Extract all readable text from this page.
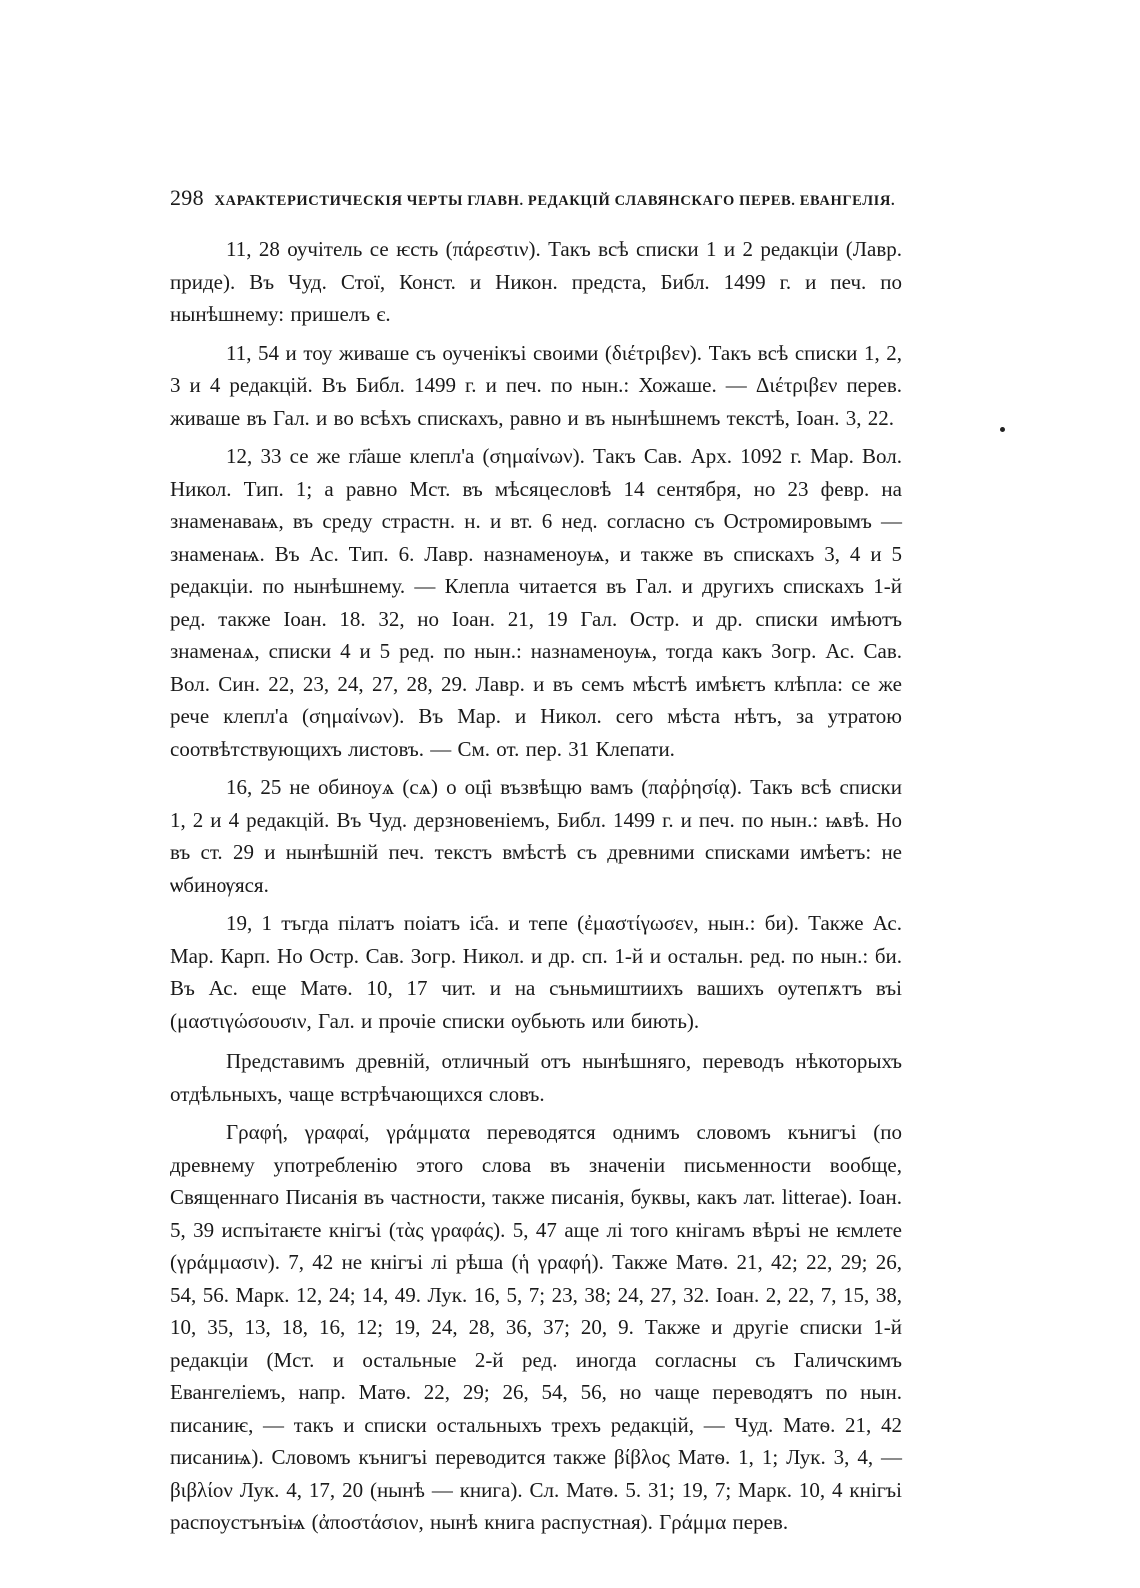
298 ХАРАКТЕРИСТИЧЕСКІЯ ЧЕРТЫ ГЛАВН. РЕДАКЦІЙ СЛАВЯНСКАГО ПЕРЕВ. ЕВАНГЕЛІЯ.

11, 28 оучітель се ѥсть (πάρεστιν). Такъ всѣ списки 1 и 2 редакціи (Лавр. приде). Въ Чуд. Стої, Конст. и Никон. предста, Библ. 1499 г. и печ. по нынѣшнему: пришелъ є.

11, 54 и тоу живаше съ оученікъі своими (διέτριβεν). Такъ всѣ списки 1, 2, 3 и 4 редакцій. Въ Библ. 1499 г. и печ. по нын.: Хожаше. — Διέτριβεν перев. живаше въ Гал. и во всѣхъ спискахъ, равно и въ нынѣшнемъ текстѣ, Іоан. 3, 22.

12, 33 се же гл҃аше клепл'а (σημαίνων). Такъ Сав. Арх. 1092 г. Мар. Вол. Никол. Тип. 1; а равно Мст. въ мѣсяцесловѣ 14 сентября, но 23 февр. на знаменаваѩ, въ среду страстн. н. и вт. 6 нед. согласно съ Остромировымъ — знаменаѩ. Въ Ас. Тип. 6. Лавр. назнаменоуѩ, и также въ спискахъ 3, 4 и 5 редакціи. по нынѣшнему. — Клепла читается въ Гал. и другихъ спискахъ 1-й ред. также Іоан. 18. 32, но Іоан. 21, 19 Гал. Остр. и др. списки имѣютъ знаменаѧ, списки 4 и 5 ред. по нын.: назнаменоуѩ, тогда какъ Зогр. Ас. Сав. Вол. Син. 22, 23, 24, 27, 28, 29. Лавр. и въ семъ мѣстѣ имѣѥтъ клѣпла: се же рече клепл'а (σημαίνων). Въ Мар. и Никол. сего мѣста нѣтъ, за утратою соотвѣтствующихъ листовъ. — См. от. пер. 31 Клепати.

16, 25 не обиноуѧ (сѧ) о оц҃і възвѣщю вамъ (παῤῥησίᾳ). Такъ всѣ списки 1, 2 и 4 редакцій. Въ Чуд. дерзновеніемъ, Библ. 1499 г. и печ. по нын.: ѩвѣ. Но въ ст. 29 и нынѣшній печ. текстъ вмѣстѣ съ древними списками имѣетъ: не ѡбинѹяся.

19, 1 тъгда пілатъ поіатъ іс҃а. и тепе (ἐμαστίγωσεν, нын.: би). Также Ас. Мар. Карп. Но Остр. Сав. Зогр. Никол. и др. сп. 1-й и остальн. ред. по нын.: би. Въ Ас. еще Матѳ. 10, 17 чит. и на съньмиштиихъ вашихъ оутепѫтъ въі (μαστιγώσουσιν, Гал. и прочіе списки оубьють или биють).

Представимъ древній, отличный отъ нынѣшняго, переводъ нѣкоторыхъ отдѣльныхъ, чаще встрѣчающихся словъ.

Γραφή, γραφαί, γράμματα переводятся однимъ словомъ кънигъі (по древнему употребленію этого слова въ значеніи письменности вообще, Священнаго Писанія въ частности, также писанія, буквы, какъ лат. litterae). Іоан. 5, 39 испъітаѥте кнігъі (τὰς γραφάς). 5, 47 аще лі того кнігамъ вѣръі не ѥмлете (γράμμασιν). 7, 42 не кнігъі лі рѣша (ἡ γραφή). Также Матѳ. 21, 42; 22, 29; 26, 54, 56. Марк. 12, 24; 14, 49. Лук. 16, 5, 7; 23, 38; 24, 27, 32. Іоан. 2, 22, 7, 15, 38, 10, 35, 13, 18, 16, 12; 19, 24, 28, 36, 37; 20, 9. Также и другіе списки 1-й редакціи (Мст. и остальные 2-й ред. иногда согласны съ Галичскимъ Евангеліемъ, напр. Матѳ. 22, 29; 26, 54, 56, но чаще переводятъ по нын. писаниѥ, — такъ и списки остальныхъ трехъ редакцій, — Чуд. Матѳ. 21, 42 писаниѩ). Словомъ кънигъі переводится также βίβλος Матѳ. 1, 1; Лук. 3, 4, — βιβλίον Лук. 4, 17, 20 (нынѣ — книга). Сл. Матѳ. 5. 31; 19, 7; Марк. 10, 4 кнігъі распоустънъіѩ (ἀποστάσιον, нынѣ книга распустная). Γράμμα перев.
